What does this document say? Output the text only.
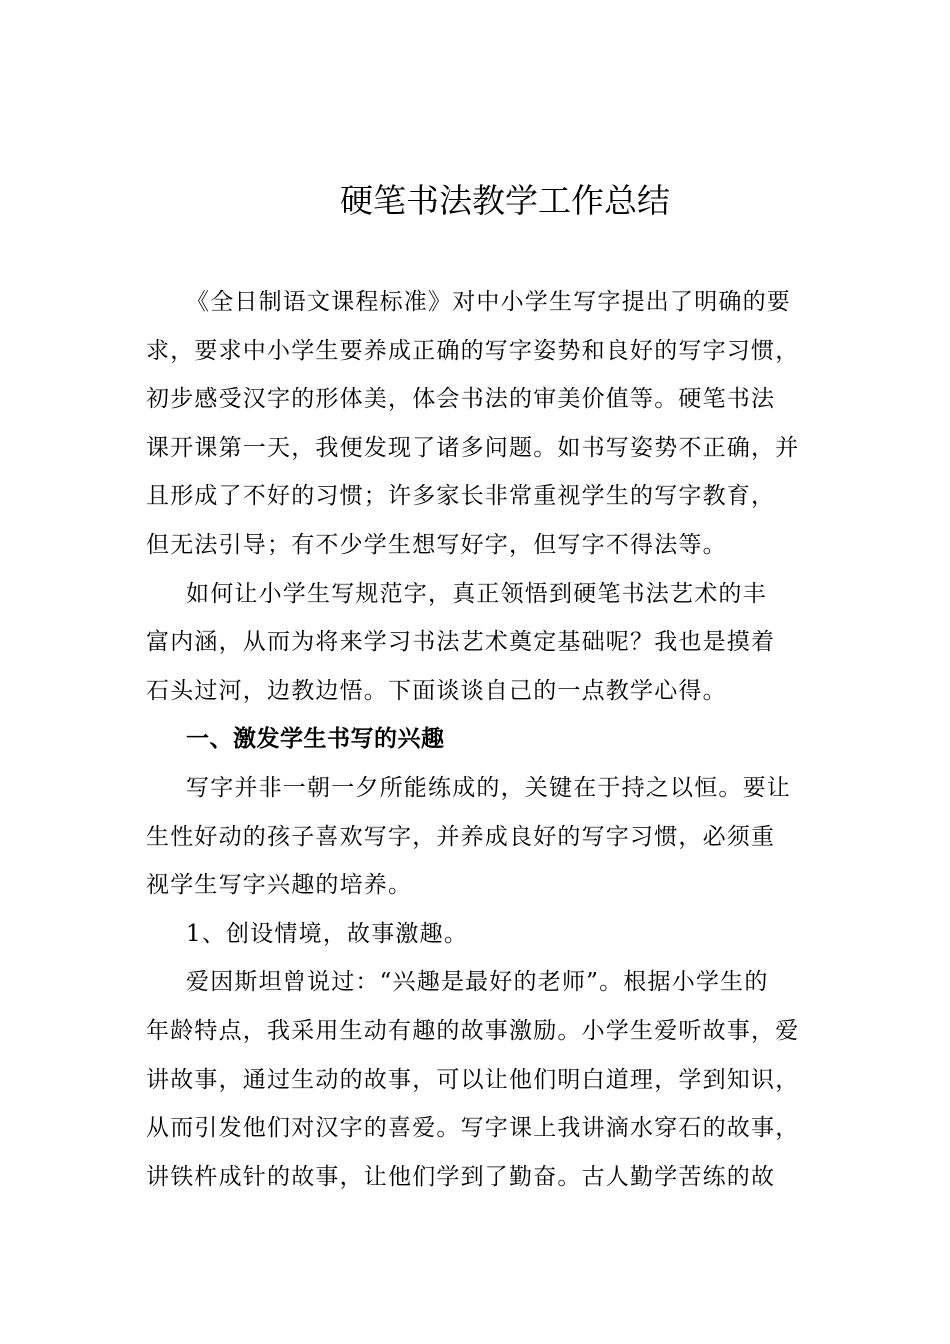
硬笔书法教学工作总结
《全日制语文课程标准》对中小学生写字提出了明确的要
求，要求中小学生要养成正确的写字姿势和良好的写字习惯，
初步感受汉字的形体美，体会书法的审美价值等。硬笔书法
课开课第一天，我便发现了诸多问题。如书写姿势不正确，并
且形成了不好的习惯；许多家长非常重视学生的写字教育，
但无法引导；有不少学生想写好字，但写字不得法等。
如何让小学生写规范字，真正领悟到硬笔书法艺术的丰
富内涵，从而为将来学习书法艺术奠定基础呢？我也是摸着
石头过河，边教边悟。下面谈谈自己的一点教学心得。
一、激发学生书写的兴趣
写字并非一朝一夕所能练成的，关键在于持之以恒。要让
生性好动的孩子喜欢写字，并养成良好的写字习惯，必须重
视学生写字兴趣的培养。
1、创设情境，故事激趣。
爱因斯坦曾说过：“兴趣是最好的老师”。根据小学生的
年龄特点，我采用生动有趣的故事激励。小学生爱听故事，爱
讲故事，通过生动的故事，可以让他们明白道理，学到知识，
从而引发他们对汉字的喜爱。写字课上我讲滴水穿石的故事，
讲铁杵成针的故事，让他们学到了勤奋。古人勤学苦练的故
